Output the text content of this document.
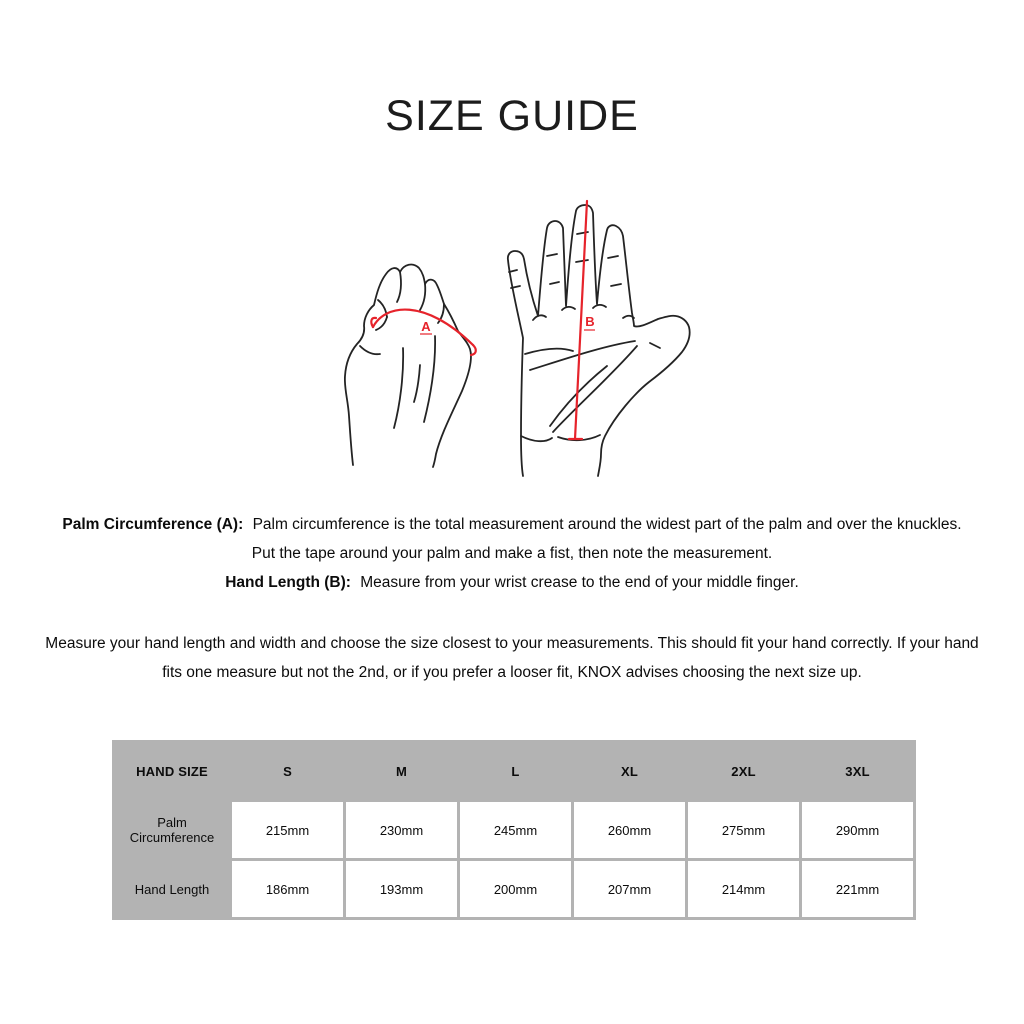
SIZE GUIDE
A	B
Palm Circumference (A): Palm circumference is the total measurement around the widest part of the palm and over the knuckles.
Put the tape around your palm and make a fist, then note the measurement.
Hand Length (B): Measure from your wrist crease to the end of your middle finger.
Measure your hand length and width and choose the size closest to your measurements. This should fit your hand correctly. If your hand
fits one measure but not the 2nd, or if you prefer a looser fit, KNOX advises choosing the next size up.
HAND SIZE	S	M	L	XL	2XL	3XL
Palm Circumference	215mm	230mm	245mm	260mm	275mm	290mm
Hand Length	186mm	193mm	200mm	207mm	214mm	221mm
